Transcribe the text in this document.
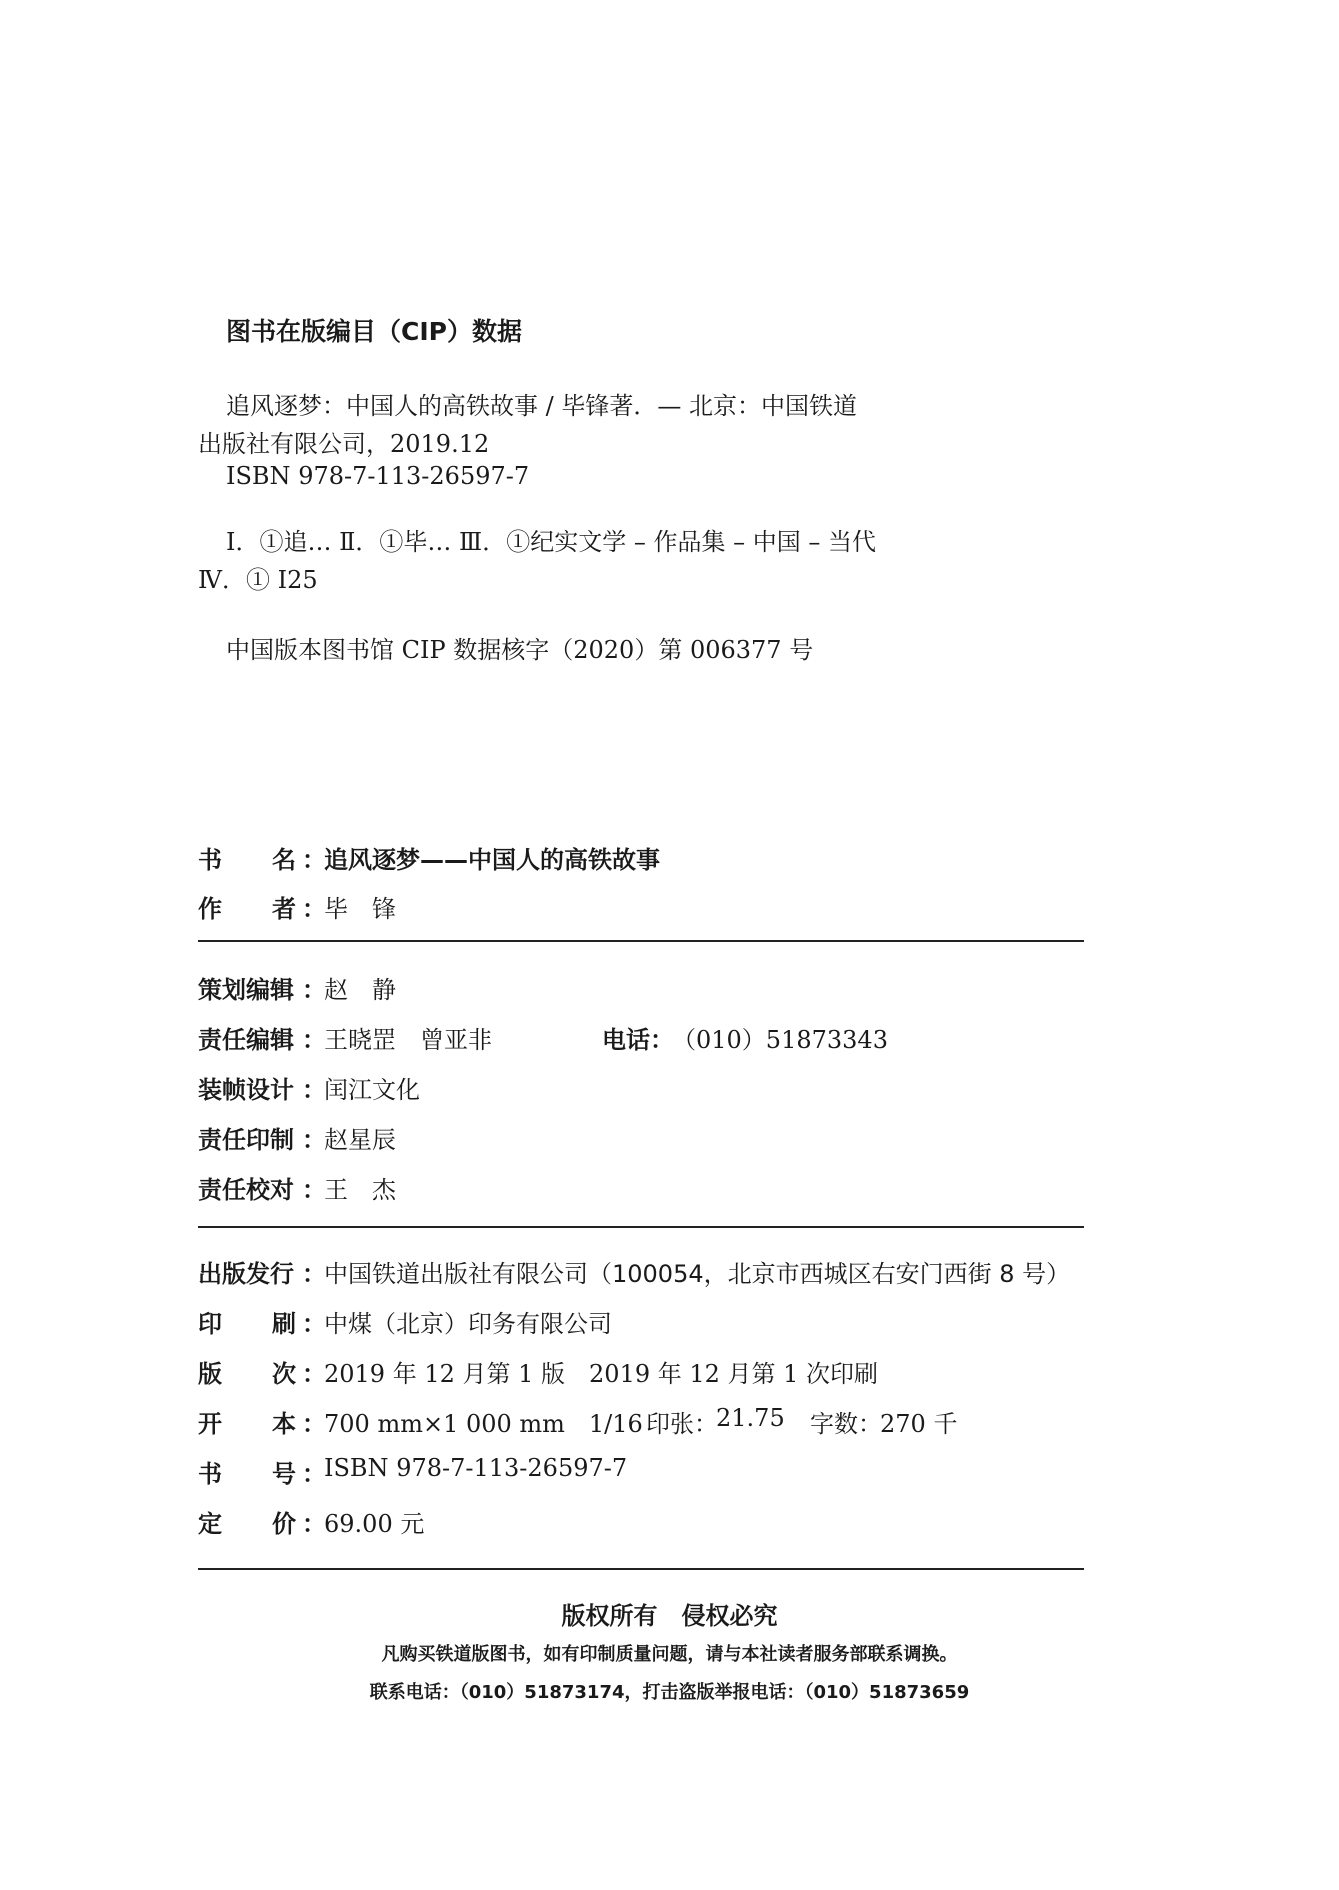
图书在版编目（CIP）数据
追风逐梦：中国人的高铁故事 / 毕锋著．— 北京：中国铁道
出版社有限公司，2019.12
ISBN 978-7-113-26597-7
Ⅰ．①追… Ⅱ．①毕… Ⅲ．①纪实文学 – 作品集 – 中国 – 当代
Ⅳ．① I25
中国版本图书馆 CIP 数据核字（2020）第 006377 号
书 名 ：
追风逐梦——中国人的高铁故事
作 者 ：
毕　锋
策划编辑 ：
赵　静
责任编辑 ：
王晓罡　曾亚非	电话 ：
（010）51873343
装帧设计 ：
闰江文化
责任印制 ：
赵星辰
责任校对 ：
王　杰
出版发行 ：
中国铁道出版社有限公司（100054，北京市西城区右安门西街 8 号）
印 刷 ：
中煤（北京）印务有限公司
版 次 ：
2019 年 12 月第 1 版　2019 年 12 月第 1 次印刷
开 本 ：
700 mm×1 000 mm　1/16 印张 ：
21.75 字数 ：
270 千
书 号 ：
ISBN 978-7-113-26597-7
定 价 ：
69.00 元
版权所有　侵权必究
凡购买铁道版图书，如有印制质量问题，请与本社读者服务部联系调换。
联系电话：（010）51873174，打击盗版举报电话：（010）51873659
